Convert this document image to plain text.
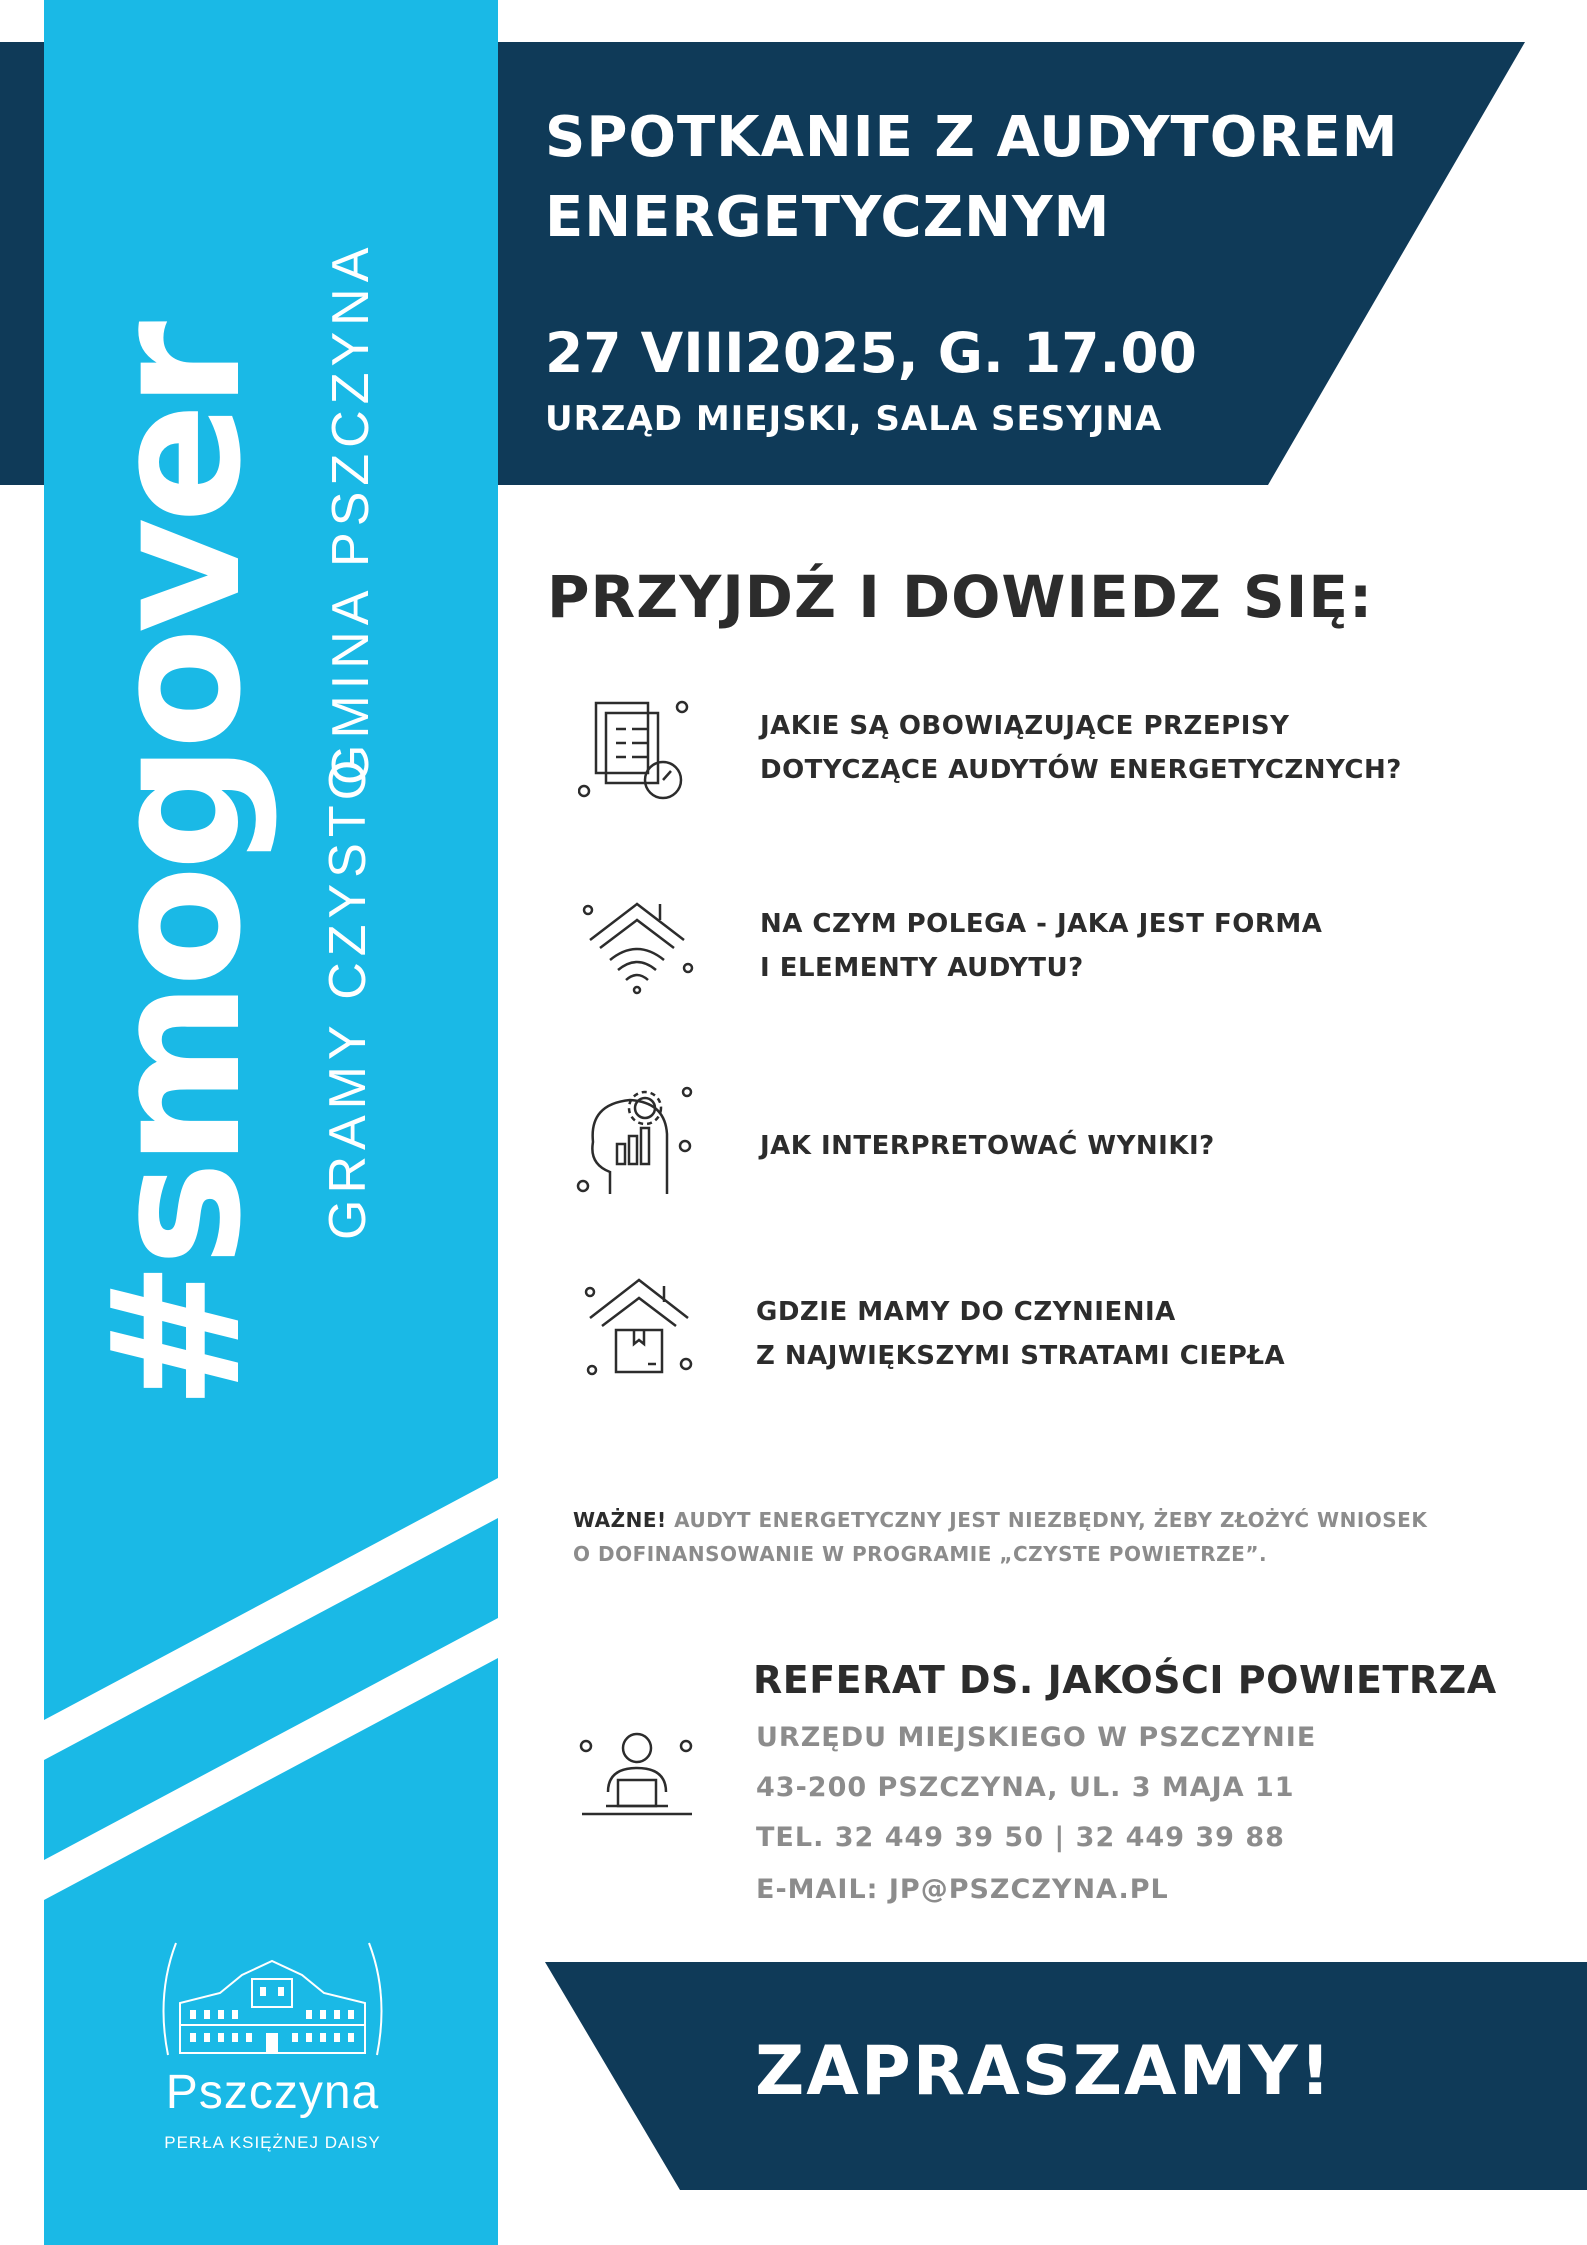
#smogover GRAMY CZYSTO
GMINA PSZCZYNA
Pszczyna
PERŁA KSIĘŻNEJ DAISY
SPOTKANIE Z AUDYTOREM
ENERGETYCZNYM
27 VIII2025, G. 17.00
URZĄD MIEJSKI, SALA SESYJNA
PRZYJDŹ I DOWIEDZ SIĘ:
JAKIE SĄ OBOWIĄZUJĄCE PRZEPISY
DOTYCZĄCE AUDYTÓW ENERGETYCZNYCH?
NA CZYM POLEGA - JAKA JEST FORMA
I ELEMENTY AUDYTU?
JAK INTERPRETOWAĆ WYNIKI?
GDZIE MAMY DO CZYNIENIA
Z NAJWIĘKSZYMI STRATAMI CIEPŁA
WAŻNE! AUDYT ENERGETYCZNY JEST NIEZBĘDNY, ŻEBY ZŁOŻYĆ WNIOSEK
O DOFINANSOWANIE W PROGRAMIE „CZYSTE POWIETRZE”.
REFERAT DS. JAKOŚCI POWIETRZA
URZĘDU MIEJSKIEGO W PSZCZYNIE
43-200 PSZCZYNA, UL. 3 MAJA 11
TEL. 32 449 39 50 | 32 449 39 88
E-MAIL: JP@PSZCZYNA.PL
ZAPRASZAMY!
